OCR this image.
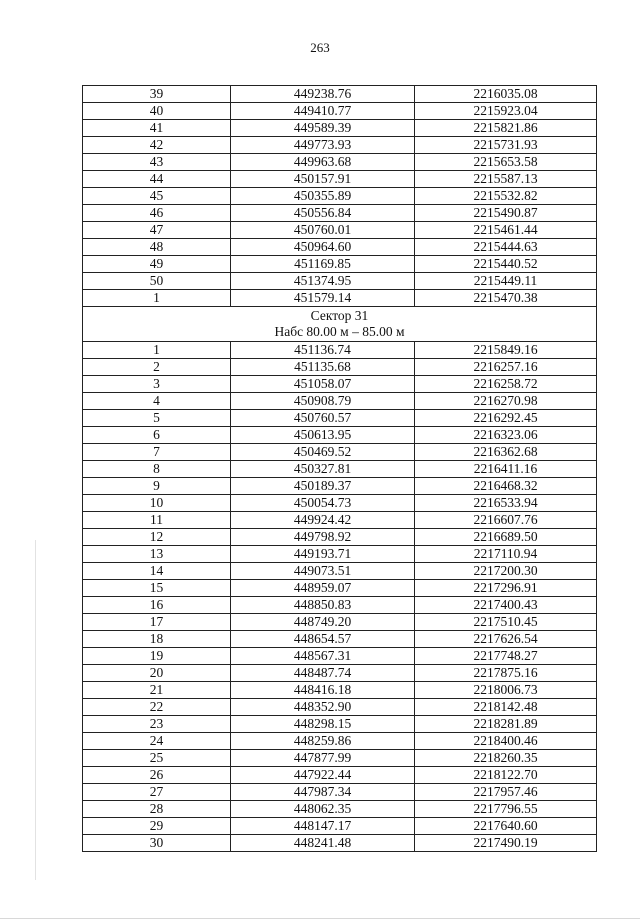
263
39	449238.76	2216035.08
40	449410.77	2215923.04
41	449589.39	2215821.86
42	449773.93	2215731.93
43	449963.68	2215653.58
44	450157.91	2215587.13
45	450355.89	2215532.82
46	450556.84	2215490.87
47	450760.01	2215461.44
48	450964.60	2215444.63
49	451169.85	2215440.52
50	451374.95	2215449.11
1	451579.14	2215470.38

Сектор 31
Набс 80.00 м – 85.00 м		

1	451136.74	2215849.16
2	451135.68	2216257.16
3	451058.07	2216258.72
4	450908.79	2216270.98
5	450760.57	2216292.45
6	450613.95	2216323.06
7	450469.52	2216362.68
8	450327.81	2216411.16
9	450189.37	2216468.32
10	450054.73	2216533.94
11	449924.42	2216607.76
12	449798.92	2216689.50
13	449193.71	2217110.94
14	449073.51	2217200.30
15	448959.07	2217296.91
16	448850.83	2217400.43
17	448749.20	2217510.45
18	448654.57	2217626.54
19	448567.31	2217748.27
20	448487.74	2217875.16
21	448416.18	2218006.73
22	448352.90	2218142.48
23	448298.15	2218281.89
24	448259.86	2218400.46
25	447877.99	2218260.35
26	447922.44	2218122.70
27	447987.34	2217957.46
28	448062.35	2217796.55
29	448147.17	2217640.60
30	448241.48	2217490.19
